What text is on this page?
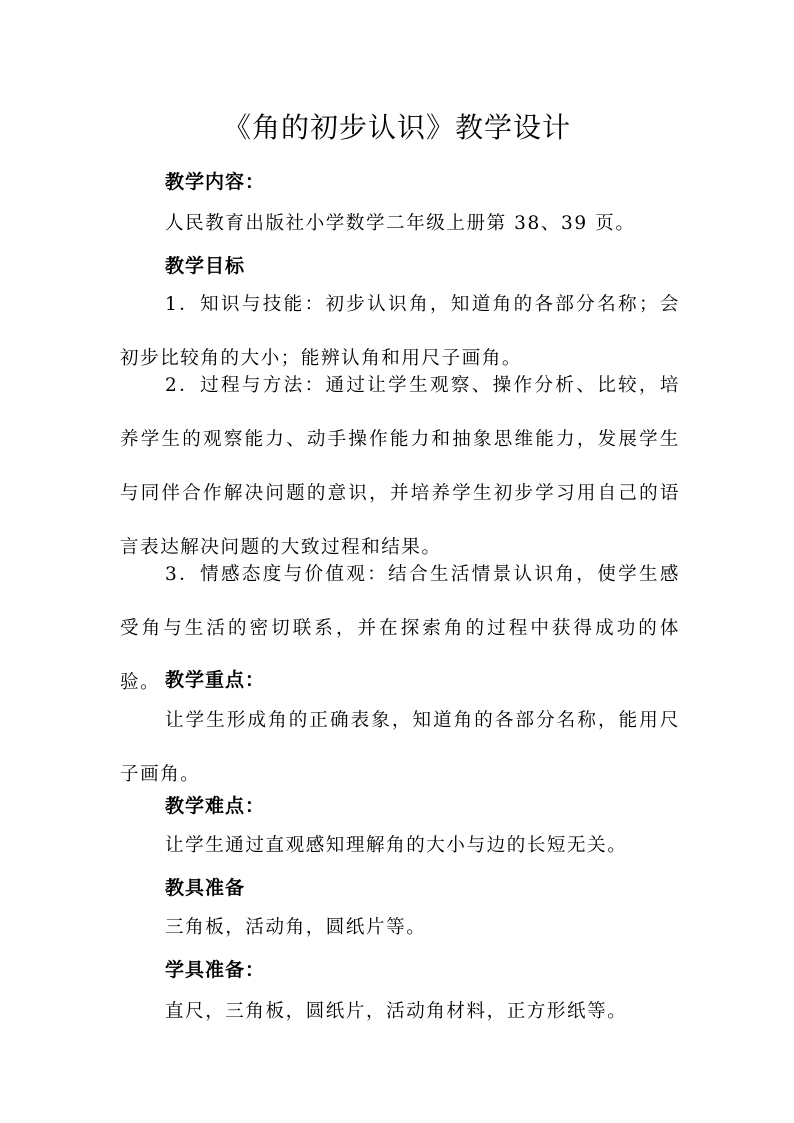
《角的初步认识》教学设计
教学内容：
人民教育出版社小学数学二年级上册第 38、39 页。
教学目标
1．知识与技能：初步认识角，知道角的各部分名称；会初步比较角的大小；能辨认角和用尺子画角。
2．过程与方法：通过让学生观察、操作分析、比较，培养学生的观察能力、动手操作能力和抽象思维能力，发展学生与同伴合作解决问题的意识，并培养学生初步学习用自己的语言表达解决问题的大致过程和结果。
3．情感态度与价值观：结合生活情景认识角，使学生感受角与生活的密切联系，并在探索角的过程中获得成功的体验。 教学重点：
让学生形成角的正确表象，知道角的各部分名称，能用尺子画角。
教学难点：
让学生通过直观感知理解角的大小与边的长短无关。
教具准备
三角板，活动角，圆纸片等。
学具准备：
直尺，三角板，圆纸片，活动角材料，正方形纸等。
